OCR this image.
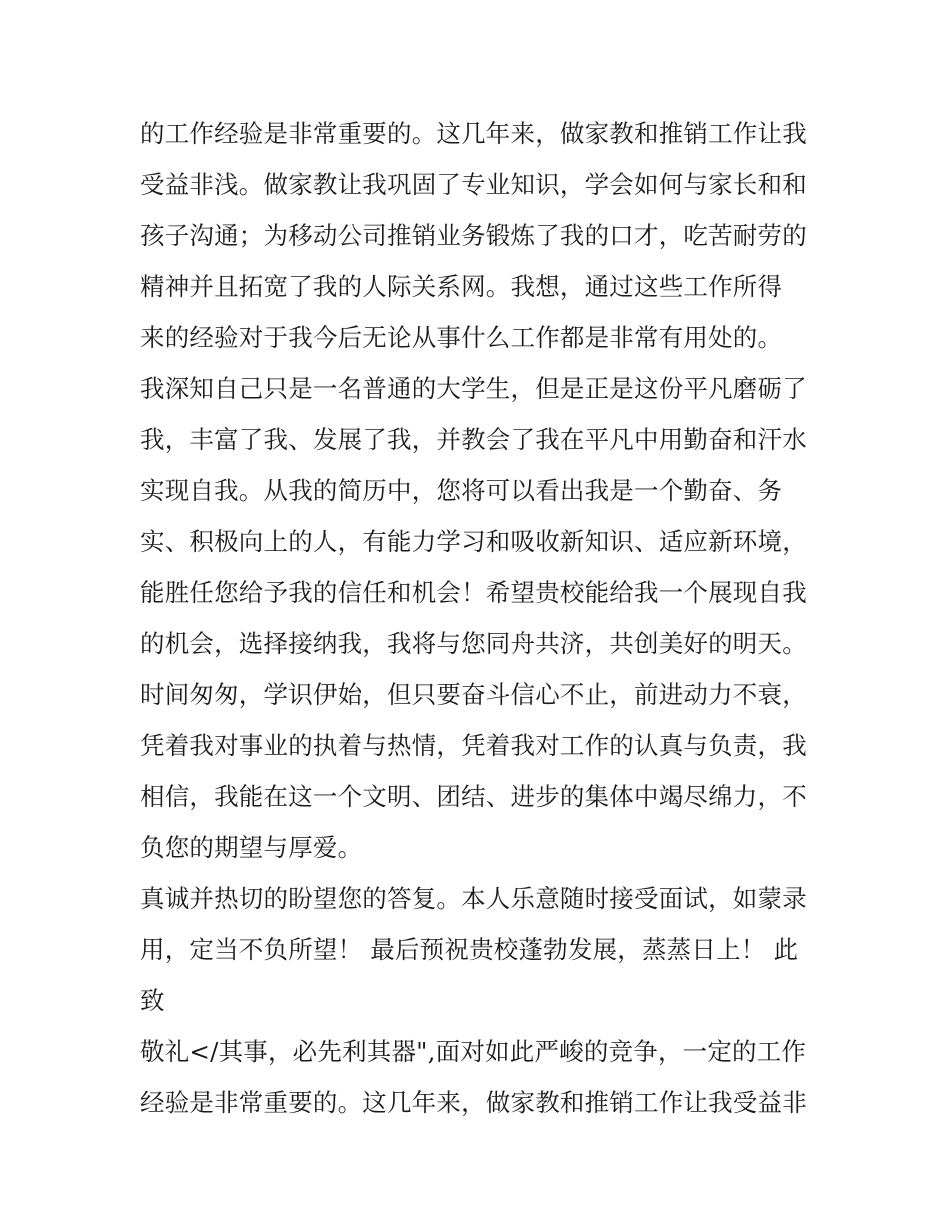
的工作经验是非常重要的。这几年来，做家教和推销工作让我
受益非浅。做家教让我巩固了专业知识，学会如何与家长和和
孩子沟通；为移动公司推销业务锻炼了我的口才，吃苦耐劳的
精神并且拓宽了我的人际关系网。我想，通过这些工作所得
来的经验对于我今后无论从事什么工作都是非常有用处的。
我深知自己只是一名普通的大学生，但是正是这份平凡磨砺了
我，丰富了我、发展了我，并教会了我在平凡中用勤奋和汗水
实现自我。从我的简历中，您将可以看出我是一个勤奋、务
实、积极向上的人，有能力学习和吸收新知识、适应新环境，
能胜任您给予我的信任和机会！希望贵校能给我一个展现自我
的机会，选择接纳我，我将与您同舟共济，共创美好的明天。
时间匆匆，学识伊始，但只要奋斗信心不止，前进动力不衰，
凭着我对事业的执着与热情，凭着我对工作的认真与负责，我
相信，我能在这一个文明、团结、进步的集体中竭尽绵力，不
负您的期望与厚爱。
真诚并热切的盼望您的答复。本人乐意随时接受面试，如蒙录
用，定当不负所望！ 最后预祝贵校蓬勃发展，蒸蒸日上！ 此
致
敬礼</其事，必先利其器",面对如此严峻的竞争，一定的工作
经验是非常重要的。这几年来，做家教和推销工作让我受益非
